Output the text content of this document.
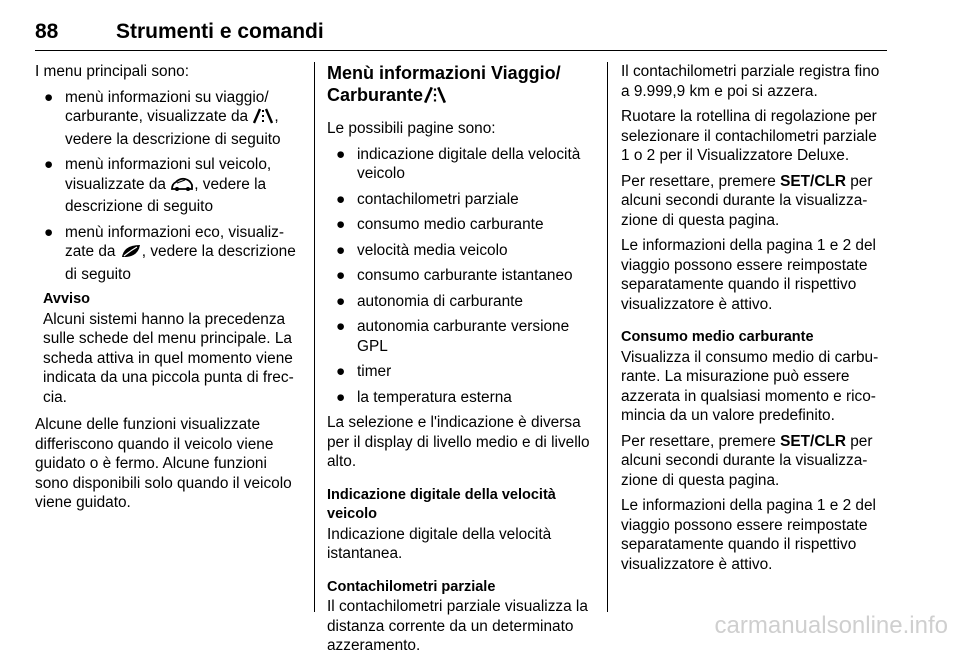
88	Strumenti e comandi

I menu principali sono:

● menù informazioni su viaggio/ carburante, visualizzate da , vedere la descrizione di seguito
● menù informazioni sul veicolo, visualizzate da , vedere la descrizione di seguito
● menù informazioni eco, visualizzate da , vedere la descrizione di seguito
Avviso
Alcuni sistemi hanno la precedenza sulle schede del menu principale. La scheda attiva in quel momento viene indicata da una piccola punta di freccia.

Alcune delle funzioni visualizzate differiscono quando il veicolo viene guidato o è fermo. Alcune funzioni sono disponibili solo quando il veicolo viene guidato.

Menù informazioni Viaggio/ Carburante

Le possibili pagine sono:

● indicazione digitale della velocità veicolo
● contachilometri parziale
● consumo medio carburante
● velocità media veicolo
● consumo carburante istantaneo
● autonomia di carburante
● autonomia carburante versione GPL
● timer
● la temperatura esterna

La selezione e l'indicazione è diversa per il display di livello medio e di livello alto.

Indicazione digitale della velocità veicolo

Indicazione digitale della velocità istantanea.

Contachilometri parziale

Il contachilometri parziale visualizza la distanza corrente da un determinato azzeramento.

Il contachilometri parziale registra fino a 9.999,9 km e poi si azzera.

Ruotare la rotellina di regolazione per selezionare il contachilometri parziale 1 o 2 per il Visualizzatore Deluxe.

Per resettare, premere SET/CLR per alcuni secondi durante la visualizzazione di questa pagina.

Le informazioni della pagina 1 e 2 del viaggio possono essere reimpostate separatamente quando il rispettivo visualizzatore è attivo.

Consumo medio carburante

Visualizza il consumo medio di carburante. La misurazione può essere azzerata in qualsiasi momento e ricomincia da un valore predefinito.

Per resettare, premere SET/CLR per alcuni secondi durante la visualizzazione di questa pagina.

Le informazioni della pagina 1 e 2 del viaggio possono essere reimpostate separatamente quando il rispettivo visualizzatore è attivo.

carmanualsonline.info
